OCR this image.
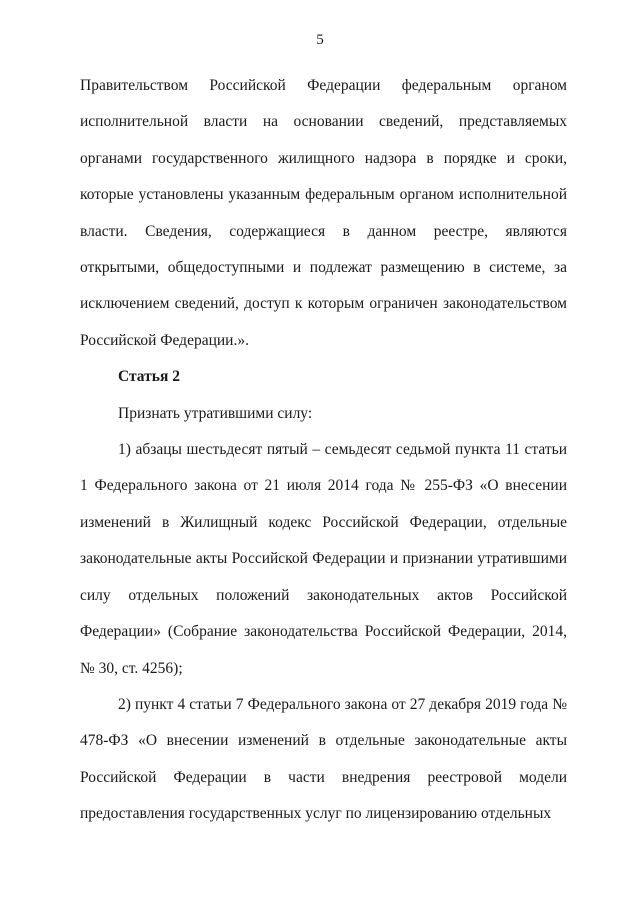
5

Правительством Российской Федерации федеральным органом исполнительной власти на основании сведений, представляемых органами государственного жилищного надзора в порядке и сроки, которые установлены указанным федеральным органом исполнительной власти. Сведения, содержащиеся в данном реестре, являются открытыми, общедоступными и подлежат размещению в системе, за исключением сведений, доступ к которым ограничен законодательством Российской Федерации.».

Статья 2

Признать утратившими силу:

1) абзацы шестьдесят пятый – семьдесят седьмой пункта 11 статьи 1 Федерального закона от 21 июля 2014 года № 255-ФЗ «О внесении изменений в Жилищный кодекс Российской Федерации, отдельные законодательные акты Российской Федерации и признании утратившими силу отдельных положений законодательных актов Российской Федерации» (Собрание законодательства Российской Федерации, 2014, № 30, ст. 4256);

2) пункт 4 статьи 7 Федерального закона от 27 декабря 2019 года № 478-ФЗ «О внесении изменений в отдельные законодательные акты Российской Федерации в части внедрения реестровой модели предоставления государственных услуг по лицензированию отдельных
